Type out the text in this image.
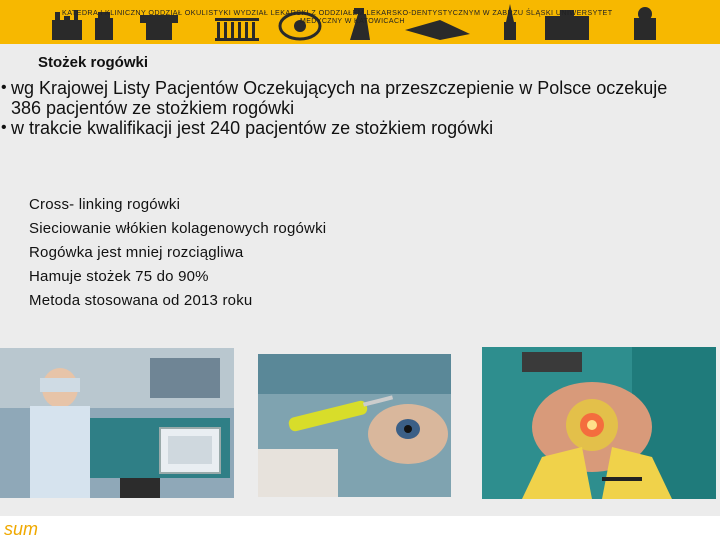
Stożek rogówki
• wg Krajowej Listy Pacjentów Oczekujących na przeszczepienie w Polsce oczekuje 386 pacjentów ze stożkiem rogówki
• w trakcie kwalifikacji jest 240 pacjentów ze stożkiem rogówki
Cross- linking rogówki
Sieciowanie włókien kolagenowych rogówki
Rogówka jest mniej rozciągliwa
Hamuje stożek 75 do 90%
Metoda stosowana od 2013 roku
sum
KATEDRA I KLINICZNY ODDZIAŁ OKULISTYKI WYDZIAŁ LEKARSKI Z ODDZIAŁEM LEKARSKO-DENTYSTYCZNYM W ZABRZU ŚLĄSKI UNIWERSYTET
MEDYCZNY W KATOWICACH
